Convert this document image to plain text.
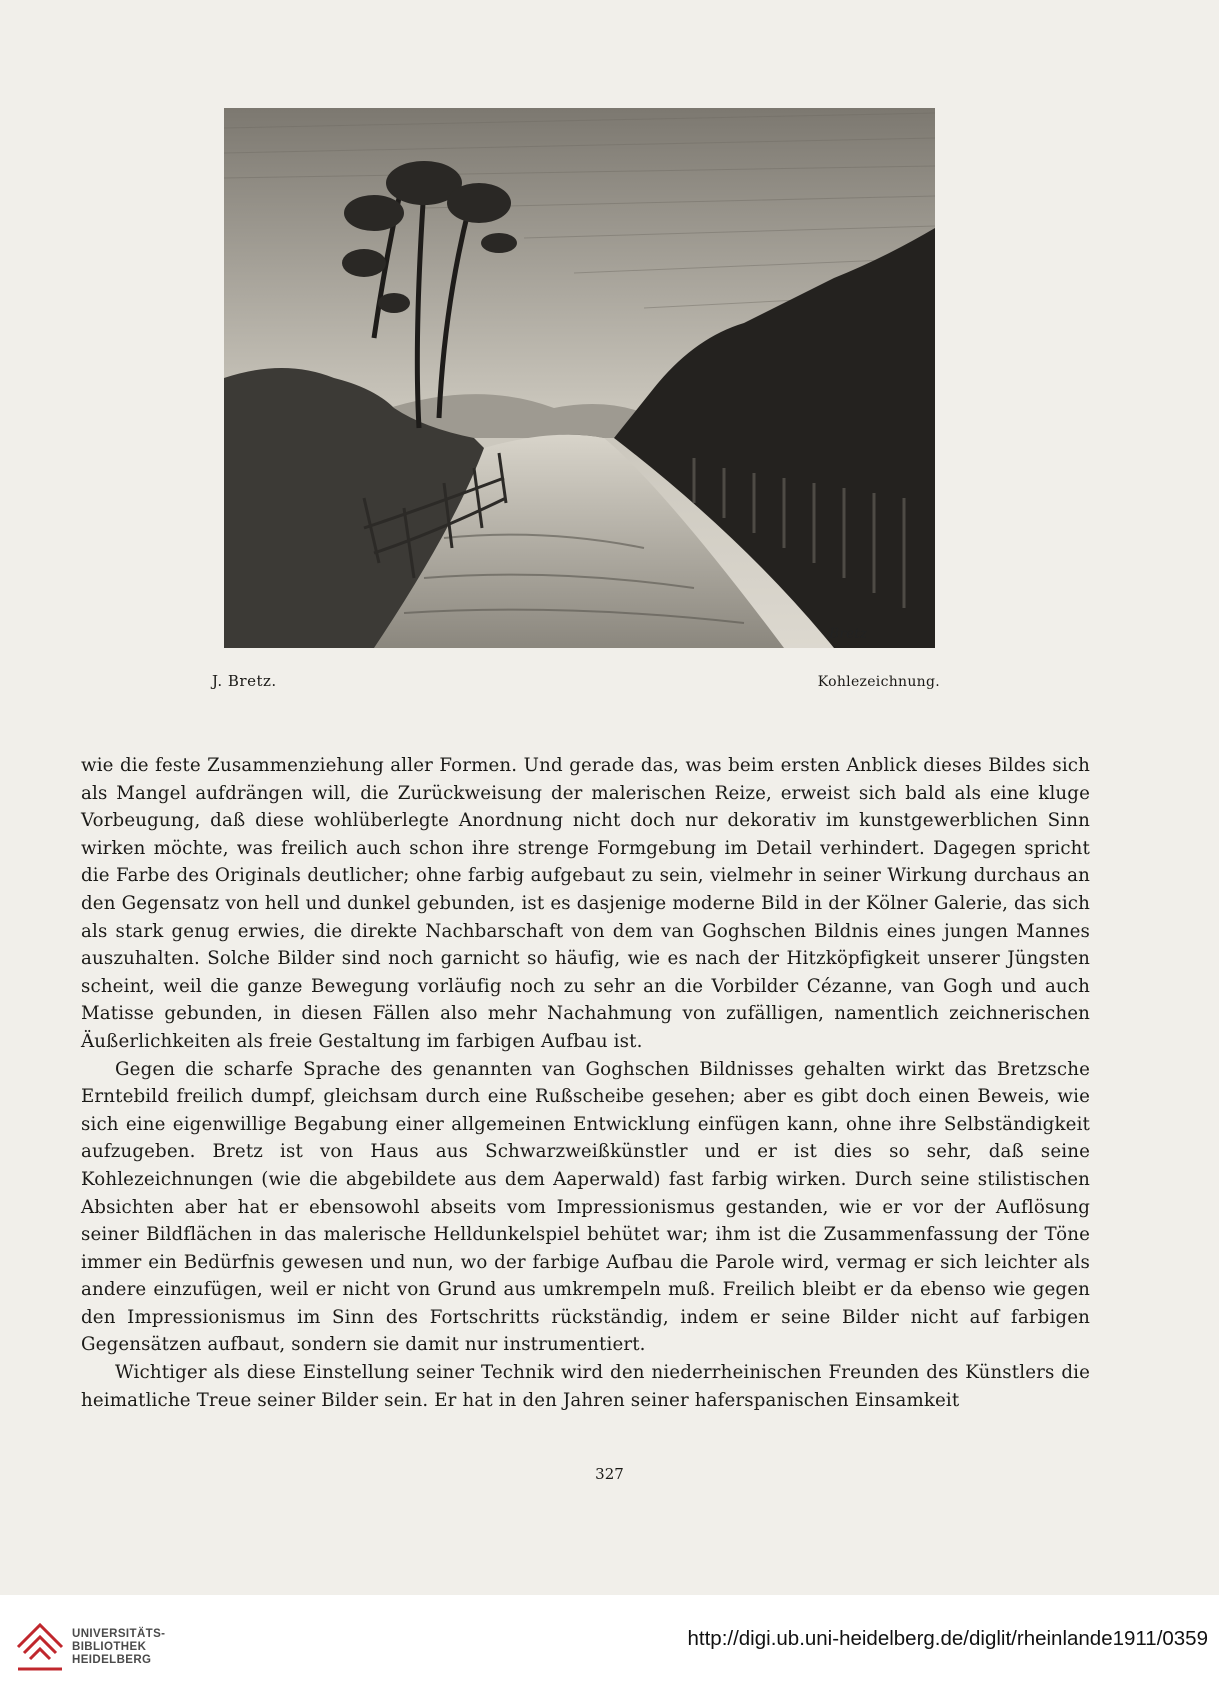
Bretz
J. Bretz.	Kohlezeichnung.

wie die feste Zusammenziehung aller Formen. Und gerade das, was beim ersten Anblick dieses Bildes sich als Mangel aufdrängen will, die Zurückweisung der malerischen Reize, erweist sich bald als eine kluge Vorbeugung, daß diese wohlüberlegte Anordnung nicht doch nur dekorativ im kunstgewerblichen Sinn wirken möchte, was freilich auch schon ihre strenge Formgebung im Detail verhindert. Dagegen spricht die Farbe des Originals deutlicher; ohne farbig aufgebaut zu sein, vielmehr in seiner Wirkung durchaus an den Gegensatz von hell und dunkel gebunden, ist es dasjenige moderne Bild in der Kölner Galerie, das sich als stark genug erwies, die direkte Nachbarschaft von dem van Goghschen Bildnis eines jungen Mannes auszuhalten. Solche Bilder sind noch garnicht so häufig, wie es nach der Hitzköpfigkeit unserer Jüngsten scheint, weil die ganze Bewegung vorläufig noch zu sehr an die Vorbilder Cézanne, van Gogh und auch Matisse gebunden, in diesen Fällen also mehr Nachahmung von zufälligen, namentlich zeichnerischen Äußerlichkeiten als freie Gestaltung im farbigen Aufbau ist.

Gegen die scharfe Sprache des genannten van Goghschen Bildnisses gehalten wirkt das Bretzsche Erntebild freilich dumpf, gleichsam durch eine Rußscheibe gesehen; aber es gibt doch einen Beweis, wie sich eine eigenwillige Begabung einer allgemeinen Entwicklung einfügen kann, ohne ihre Selbständigkeit aufzugeben. Bretz ist von Haus aus Schwarzweißkünstler und er ist dies so sehr, daß seine Kohlezeichnungen (wie die abgebildete aus dem Aaperwald) fast farbig wirken. Durch seine stilistischen Absichten aber hat er ebensowohl abseits vom Impressionismus gestanden, wie er vor der Auflösung seiner Bildflächen in das malerische Helldunkelspiel behütet war; ihm ist die Zusammenfassung der Töne immer ein Bedürfnis gewesen und nun, wo der farbige Aufbau die Parole wird, vermag er sich leichter als andere einzufügen, weil er nicht von Grund aus umkrempeln muß. Freilich bleibt er da ebenso wie gegen den Impressionismus im Sinn des Fortschritts rückständig, indem er seine Bilder nicht auf farbigen Gegensätzen aufbaut, sondern sie damit nur instrumentiert.

Wichtiger als diese Einstellung seiner Technik wird den niederrheinischen Freunden des Künstlers die heimatliche Treue seiner Bilder sein. Er hat in den Jahren seiner haferspanischen Einsamkeit

327
UNIVERSITÄTS-
BIBLIOTHEK
HEIDELBERG
http://digi.ub.uni-heidelberg.de/diglit/rheinlande1911/0359
